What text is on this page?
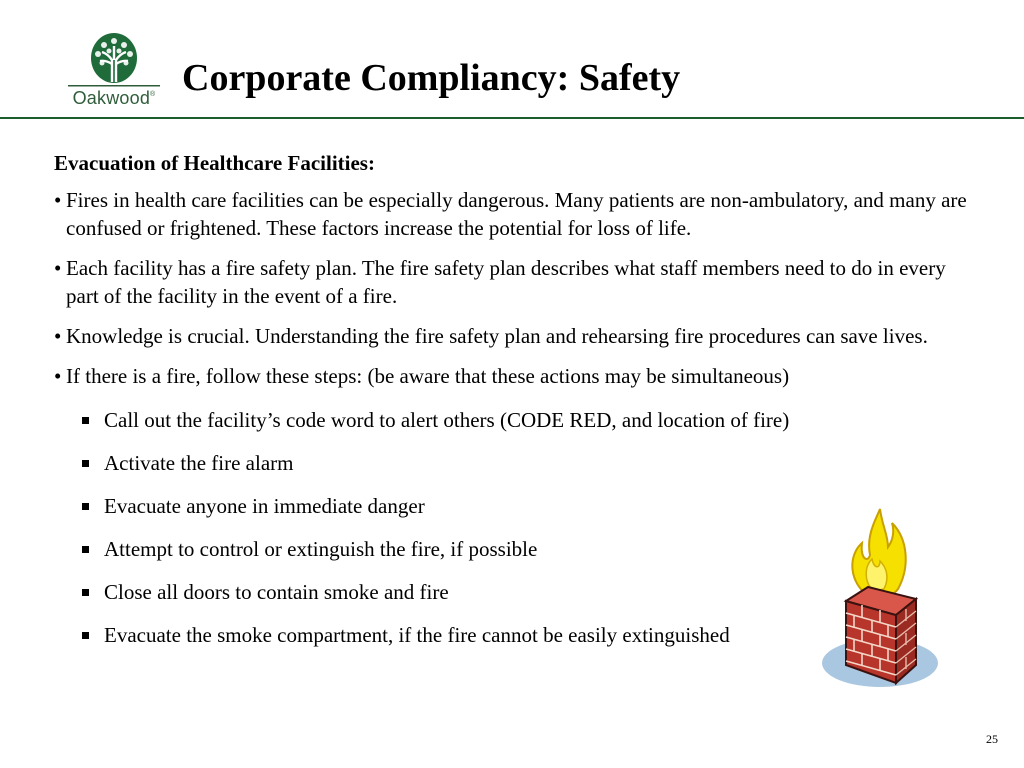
Oakwood® Corporate Compliancy: Safety
Evacuation of Healthcare Facilities:
• Fires in health care facilities can be especially dangerous. Many patients are non-ambulatory, and many are confused or frightened. These factors increase the potential for loss of life.
• Each facility has a fire safety plan. The fire safety plan describes what staff members need to do in every part of the facility in the event of a fire.
• Knowledge is crucial. Understanding the fire safety plan and rehearsing fire procedures can save lives.
• If there is a fire, follow these steps: (be aware that these actions may be simultaneous)
Call out the facility’s code word to alert others (CODE RED, and location of fire)
Activate the fire alarm
Evacuate anyone in immediate danger
Attempt to control or extinguish the fire, if possible
Close all doors to contain smoke and fire
Evacuate the smoke compartment, if the fire cannot be easily extinguished
25
